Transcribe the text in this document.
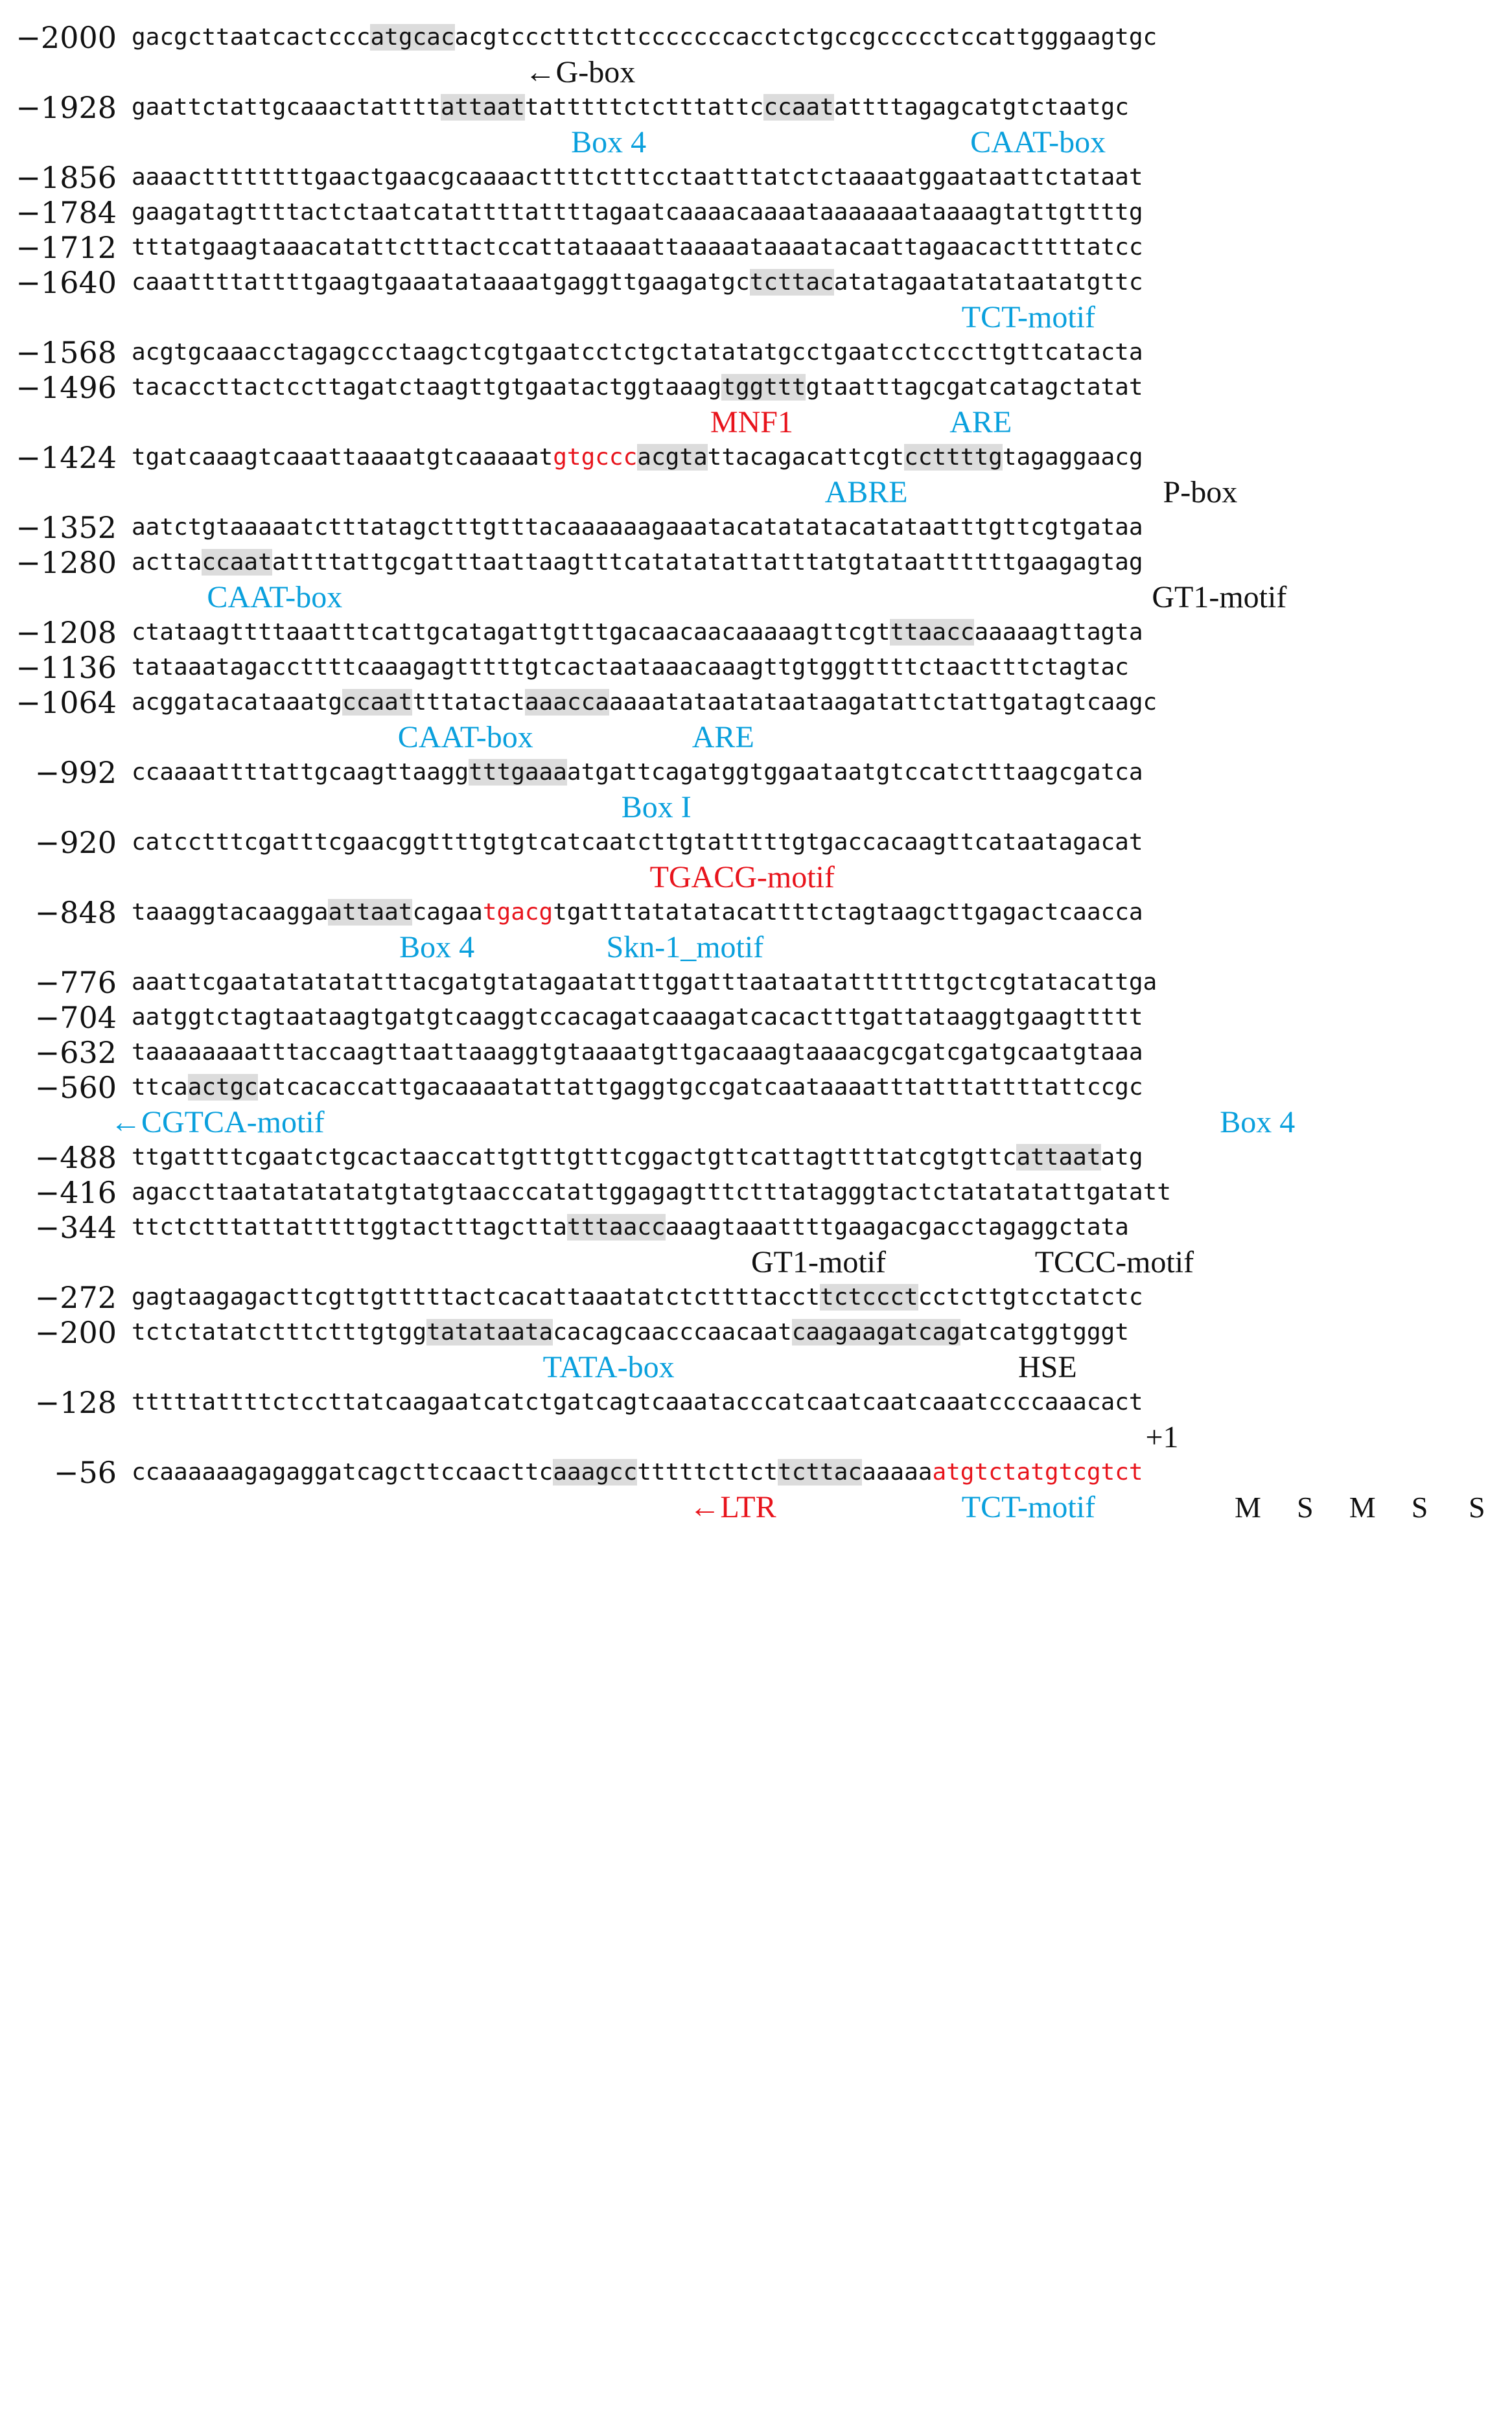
−2000 gacgcttaatcactcccatgcacacgtccctttcttcccccccacctctgccgccccctccattgggaagtgc
←G-box
−1928 gaattctattgcaaactattttattaattatttttctctttattcccaatattttagagcatgtctaatgc
Box 4	CAAT-box
−1856 aaaacttttttttgaactgaacgcaaaacttttctttcctaatttatctctaaaatggaataattctataat
−1784 gaagatagttttactctaatcatattttattttagaatcaaaacaaaataaaaaaataaaagtattgttttg
−1712 tttatgaagtaaacatattctttactccattataaaattaaaaataaaatacaattagaacactttttatcc
−1640 caaattttattttgaagtgaaatataaaatgaggttgaagatgctcttacatatagaatatataatatgttc
TCT-motif
−1568 acgtgcaaacctagagccctaagctcgtgaatcctctgctatatatgcctgaatcctcccttgttcatacta
−1496 tacaccttactccttagatctaagttgtgaatactggtaaagtggtttgtaatttagcgatcatagctatat
MNF1	ARE
−1424 tgatcaaagtcaaattaaaatgtcaaaaatgtgcccacgtattacagacattcgtccttttgtagaggaacg
ABRE	P-box
−1352 aatctgtaaaaatctttatagctttgtttacaaaaaagaaatacatatatacatataatttgttcgtgataa
−1280 acttaccaatattttattgcgatttaattaagtttcatatatattatttatgtataattttttgaagagtag
CAAT-box	GT1-motif
−1208 ctataagttttaaatttcattgcatagattgtttgacaacaacaaaaagttcgtttaaccaaaaagttagta
−1136 tataaatagaccttttcaaagagtttttgtcactaataaacaaagttgtgggttttctaactttctagtac
−1064 acggatacataaatgccaattttatactaaaccaaaaatataatataataagatattctattgatagtcaagc
CAAT-box	ARE
−992 ccaaaattttattgcaagttaaggtttgaaaatgattcagatggtggaataatgtccatctttaagcgatca
Box I
−920 catcctttcgatttcgaacggttttgtgtcatcaatcttgtatttttgtgaccacaagttcataatagacat
TGACG-motif
−848 taaaggtacaaggaattaatcagaatgacgtgatttatatatacattttctagtaagcttgagactcaacca
Box 4	Skn-1_motif
−776 aaattcgaatatatatatttacgatgtatagaatatttggatttaataatatttttttgctcgtatacattga
−704 aatggtctagtaataagtgatgtcaaggtccacagatcaaagatcacactttgattataaggtgaagttttt
−632 taaaaaaaatttaccaagttaattaaaggtgtaaaatgttgacaaagtaaaacgcgatcgatgcaatgtaaa
−560 ttcaactgcatcacaccattgacaaaatattattgaggtgccgatcaataaaatttatttattttattccgc
←CGTCA-motif	Box 4
−488 ttgattttcgaatctgcactaaccattgtttgtttcggactgttcattagttttatcgtgttcattaatatg
−416 agaccttaatatatatatgtatgtaacccatattggagagtttctttatagggtactctatatatattgatatt
−344 ttctctttattatttttggtactttagcttatttaaccaaagtaaattttgaagacgacctagaggctata
GT1-motif	TCCC-motif
−272 gagtaagagacttcgttgtttttactcacattaaatatctcttttaccttctccctcctcttgtcctatctc
−200 tctctatatctttctttgtggtatataatacacagcaacccaacaatcaagaagatcagatcatggtgggt
TATA-box	HSE
−128 tttttattttctccttatcaagaatcatctgatcagtcaaatacccatcaatcaatcaaatccccaaacact
+1
−56 ccaaaaaagagaggatcagcttccaacttcaaagcctttttcttcttcttacaaaaaatgtctatgtcgtct
←LTR	TCT-motif	M S M S S
